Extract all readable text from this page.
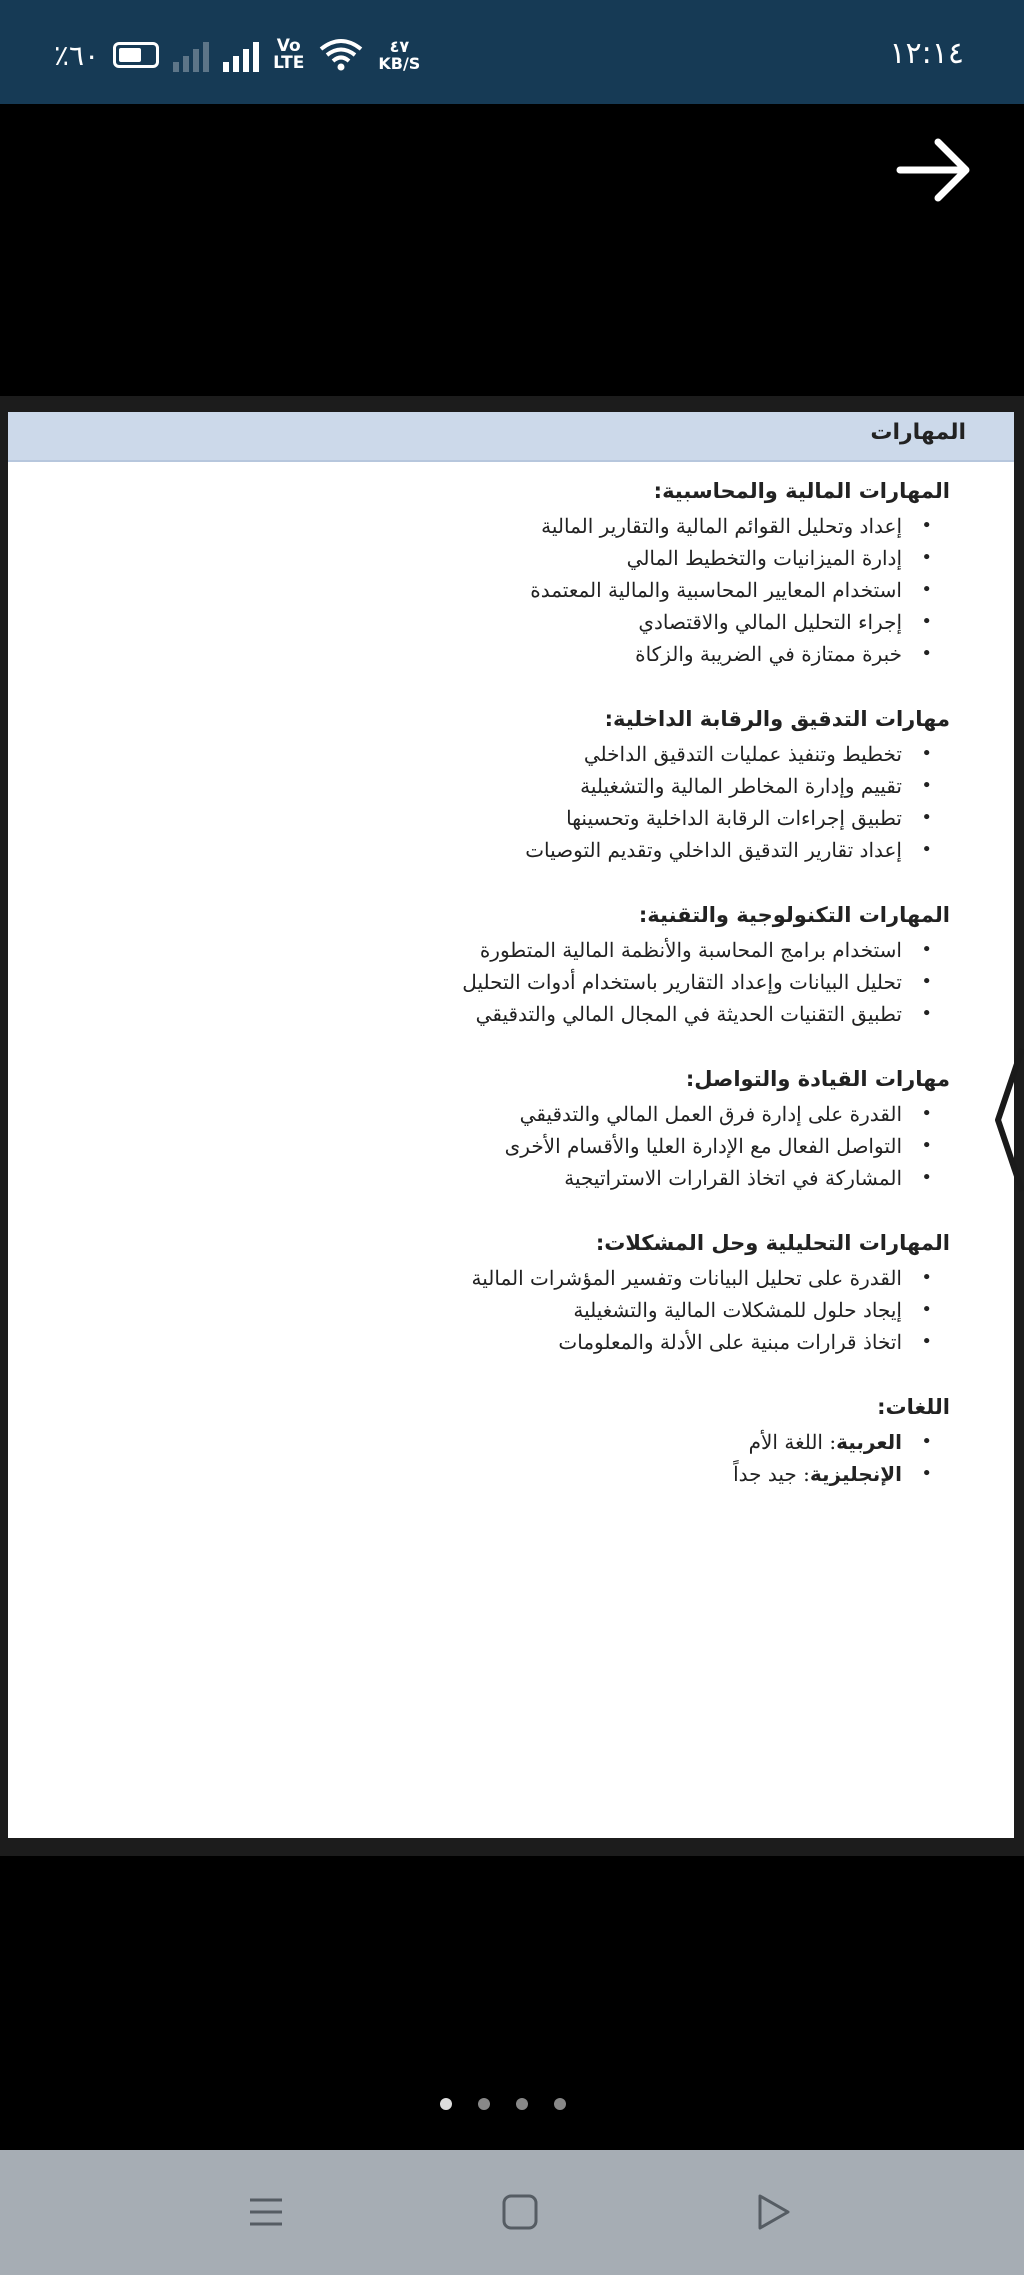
٪٦٠	Vo
LTE
٤٧
KB/S	١٢:١٤
المهارات
المهارات المالية والمحاسبية:
• إعداد وتحليل القوائم المالية والتقارير المالية
• إدارة الميزانيات والتخطيط المالي
• استخدام المعايير المحاسبية والمالية المعتمدة
• إجراء التحليل المالي والاقتصادي
• خبرة ممتازة في الضريبة والزكاة
مهارات التدقيق والرقابة الداخلية:
• تخطيط وتنفيذ عمليات التدقيق الداخلي
• تقييم وإدارة المخاطر المالية والتشغيلية
• تطبيق إجراءات الرقابة الداخلية وتحسينها
• إعداد تقارير التدقيق الداخلي وتقديم التوصيات
المهارات التكنولوجية والتقنية:
• استخدام برامج المحاسبة والأنظمة المالية المتطورة
• تحليل البيانات وإعداد التقارير باستخدام أدوات التحليل
• تطبيق التقنيات الحديثة في المجال المالي والتدقيقي
مهارات القيادة والتواصل:
• القدرة على إدارة فرق العمل المالي والتدقيقي
• التواصل الفعال مع الإدارة العليا والأقسام الأخرى
• المشاركة في اتخاذ القرارات الاستراتيجية
المهارات التحليلية وحل المشكلات:
• القدرة على تحليل البيانات وتفسير المؤشرات المالية
• إيجاد حلول للمشكلات المالية والتشغيلية
• اتخاذ قرارات مبنية على الأدلة والمعلومات
اللغات:
• العربية: اللغة الأم
• الإنجليزية: جيد جداً
